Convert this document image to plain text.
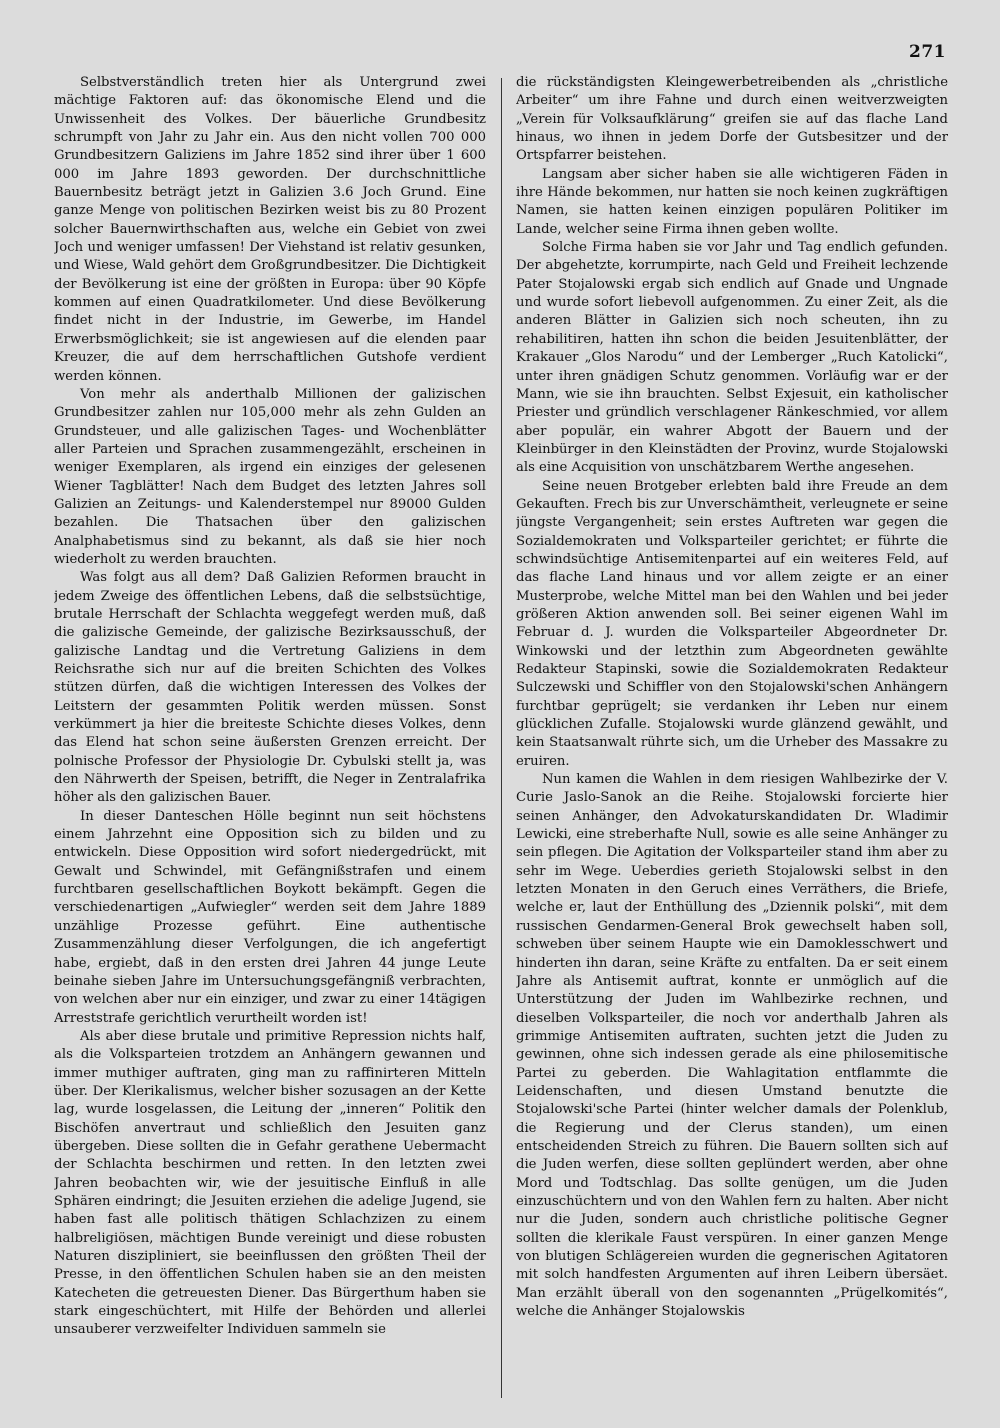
271

Selbstverständlich treten hier als Untergrund zwei mächtige Faktoren auf: das ökonomische Elend und die Unwissenheit des Volkes. Der bäuerliche Grundbesitz schrumpft von Jahr zu Jahr ein. Aus den nicht vollen 700 000 Grundbesitzern Galiziens im Jahre 1852 sind ihrer über 1 600 000 im Jahre 1893 geworden. Der durchschnittliche Bauernbesitz beträgt jetzt in Galizien 3.6 Joch Grund. Eine ganze Menge von politischen Bezirken weist bis zu 80 Prozent solcher Bauernwirthschaften aus, welche ein Gebiet von zwei Joch und weniger umfassen! Der Viehstand ist relativ gesunken, und Wiese, Wald gehört dem Großgrundbesitzer. Die Dichtigkeit der Bevölkerung ist eine der größten in Europa: über 90 Köpfe kommen auf einen Quadratkilometer. Und diese Bevölkerung findet nicht in der Industrie, im Gewerbe, im Handel Erwerbsmöglichkeit; sie ist angewiesen auf die elenden paar Kreuzer, die auf dem herrschaftlichen Gutshofe verdient werden können.

Von mehr als anderthalb Millionen der galizischen Grundbesitzer zahlen nur 105,000 mehr als zehn Gulden an Grundsteuer, und alle galizischen Tages- und Wochenblätter aller Parteien und Sprachen zusammengezählt, erscheinen in weniger Exemplaren, als irgend ein einziges der gelesenen Wiener Tagblätter! Nach dem Budget des letzten Jahres soll Galizien an Zeitungs- und Kalenderstempel nur 89000 Gulden bezahlen. Die Thatsachen über den galizischen Analphabetismus sind zu bekannt, als daß sie hier noch wiederholt zu werden brauchten.

Was folgt aus all dem? Daß Galizien Reformen braucht in jedem Zweige des öffentlichen Lebens, daß die selbstsüchtige, brutale Herrschaft der Schlachta weggefegt werden muß, daß die galizische Gemeinde, der galizische Bezirksausschuß, der galizische Landtag und die Vertretung Galiziens in dem Reichsrathe sich nur auf die breiten Schichten des Volkes stützen dürfen, daß die wichtigen Interessen des Volkes der Leitstern der gesammten Politik werden müssen. Sonst verkümmert ja hier die breiteste Schichte dieses Volkes, denn das Elend hat schon seine äußersten Grenzen erreicht. Der polnische Professor der Physiologie Dr. Cybulski stellt ja, was den Nährwerth der Speisen, betrifft, die Neger in Zentralafrika höher als den galizischen Bauer.

In dieser Danteschen Hölle beginnt nun seit höchstens einem Jahrzehnt eine Opposition sich zu bilden und zu entwickeln. Diese Opposition wird sofort niedergedrückt, mit Gewalt und Schwindel, mit Gefängnißstrafen und einem furchtbaren gesellschaftlichen Boykott bekämpft. Gegen die verschiedenartigen „Aufwiegler“ werden seit dem Jahre 1889 unzählige Prozesse geführt. Eine authentische Zusammenzählung dieser Verfolgungen, die ich angefertigt habe, ergiebt, daß in den ersten drei Jahren 44 junge Leute beinahe sieben Jahre im Untersuchungsgefängniß verbrachten, von welchen aber nur ein einziger, und zwar zu einer 14tägigen Arreststrafe gerichtlich verurtheilt worden ist!

Als aber diese brutale und primitive Repression nichts half, als die Volksparteien trotzdem an Anhängern gewannen und immer muthiger auftraten, ging man zu raffinirteren Mitteln über. Der Klerikalismus, welcher bisher sozusagen an der Kette lag, wurde losgelassen, die Leitung der „inneren“ Politik den Bischöfen anvertraut und schließlich den Jesuiten ganz übergeben. Diese sollten die in Gefahr gerathene Uebermacht der Schlachta beschirmen und retten. In den letzten zwei Jahren beobachten wir, wie der jesuitische Einfluß in alle Sphären eindringt; die Jesuiten erziehen die adelige Jugend, sie haben fast alle politisch thätigen Schlachzizen zu einem halbreligiösen, mächtigen Bunde vereinigt und diese robusten Naturen diszipliniert, sie beeinflussen den größten Theil der Presse, in den öffentlichen Schulen haben sie an den meisten Katecheten die getreuesten Diener. Das Bürgerthum haben sie stark eingeschüchtert, mit Hilfe der Behörden und allerlei unsauberer verzweifelter Individuen sammeln sie

die rückständigsten Kleingewerbetreibenden als „christliche Arbeiter“ um ihre Fahne und durch einen weitverzweigten „Verein für Volksaufklärung“ greifen sie auf das flache Land hinaus, wo ihnen in jedem Dorfe der Gutsbesitzer und der Ortspfarrer beistehen.

Langsam aber sicher haben sie alle wichtigeren Fäden in ihre Hände bekommen, nur hatten sie noch keinen zugkräftigen Namen, sie hatten keinen einzigen populären Politiker im Lande, welcher seine Firma ihnen geben wollte.

Solche Firma haben sie vor Jahr und Tag endlich gefunden. Der abgehetzte, korrumpirte, nach Geld und Freiheit lechzende Pater Stojalowski ergab sich endlich auf Gnade und Ungnade und wurde sofort liebevoll aufgenommen. Zu einer Zeit, als die anderen Blätter in Galizien sich noch scheuten, ihn zu rehabilitiren, hatten ihn schon die beiden Jesuitenblätter, der Krakauer „Glos Narodu“ und der Lemberger „Ruch Katolicki“, unter ihren gnädigen Schutz genommen. Vorläufig war er der Mann, wie sie ihn brauchten. Selbst Exjesuit, ein katholischer Priester und gründlich verschlagener Ränkeschmied, vor allem aber populär, ein wahrer Abgott der Bauern und der Kleinbürger in den Kleinstädten der Provinz, wurde Stojalowski als eine Acquisition von unschätzbarem Werthe angesehen.

Seine neuen Brotgeber erlebten bald ihre Freude an dem Gekauften. Frech bis zur Unverschämtheit, verleugnete er seine jüngste Vergangenheit; sein erstes Auftreten war gegen die Sozialdemokraten und Volksparteiler gerichtet; er führte die schwindsüchtige Antisemitenpartei auf ein weiteres Feld, auf das flache Land hinaus und vor allem zeigte er an einer Musterprobe, welche Mittel man bei den Wahlen und bei jeder größeren Aktion anwenden soll. Bei seiner eigenen Wahl im Februar d. J. wurden die Volksparteiler Abgeordneter Dr. Winkowski und der letzthin zum Abgeordneten gewählte Redakteur Stapinski, sowie die Sozialdemokraten Redakteur Sulczewski und Schiffler von den Stojalowski'schen Anhängern furchtbar geprügelt; sie verdanken ihr Leben nur einem glücklichen Zufalle. Stojalowski wurde glänzend gewählt, und kein Staatsanwalt rührte sich, um die Urheber des Massakre zu eruiren.

Nun kamen die Wahlen in dem riesigen Wahlbezirke der V. Curie Jaslo-Sanok an die Reihe. Stojalowski forcierte hier seinen Anhänger, den Advokaturskandidaten Dr. Wladimir Lewicki, eine streberhafte Null, sowie es alle seine Anhänger zu sein pflegen. Die Agitation der Volksparteiler stand ihm aber zu sehr im Wege. Ueberdies gerieth Stojalowski selbst in den letzten Monaten in den Geruch eines Verräthers, die Briefe, welche er, laut der Enthüllung des „Dziennik polski“, mit dem russischen Gendarmen-General Brok gewechselt haben soll, schweben über seinem Haupte wie ein Damoklesschwert und hinderten ihn daran, seine Kräfte zu entfalten. Da er seit einem Jahre als Antisemit auftrat, konnte er unmöglich auf die Unterstützung der Juden im Wahlbezirke rechnen, und dieselben Volksparteiler, die noch vor anderthalb Jahren als grimmige Antisemiten auftraten, suchten jetzt die Juden zu gewinnen, ohne sich indessen gerade als eine philosemitische Partei zu geberden. Die Wahlagitation entflammte die Leidenschaften, und diesen Umstand benutzte die Stojalowski'sche Partei (hinter welcher damals der Polenklub, die Regierung und der Clerus standen), um einen entscheidenden Streich zu führen. Die Bauern sollten sich auf die Juden werfen, diese sollten geplündert werden, aber ohne Mord und Todtschlag. Das sollte genügen, um die Juden einzuschüchtern und von den Wahlen fern zu halten. Aber nicht nur die Juden, sondern auch christliche politische Gegner sollten die klerikale Faust verspüren. In einer ganzen Menge von blutigen Schlägereien wurden die gegnerischen Agitatoren mit solch handfesten Argumenten auf ihren Leibern übersäet. Man erzählt überall von den sogenannten „Prügelkomités“, welche die Anhänger Stojalowskis
